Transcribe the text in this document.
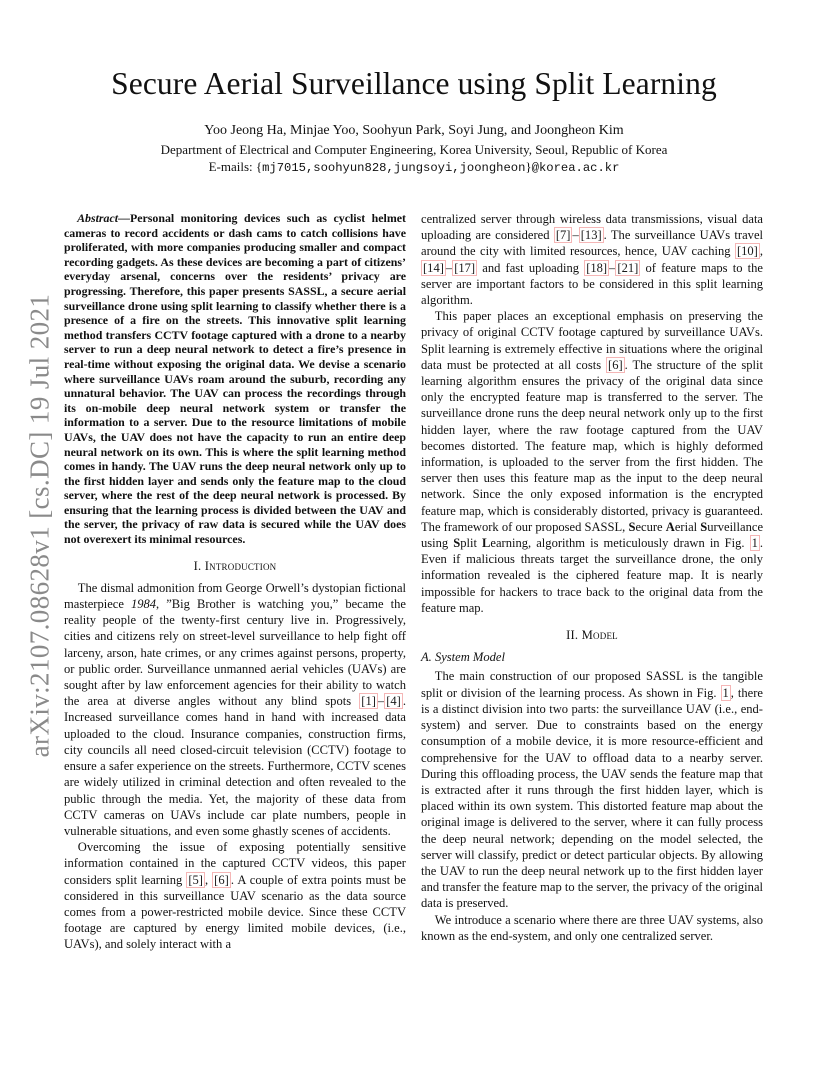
arXiv:2107.08628v1 [cs.DC] 19 Jul 2021
Secure Aerial Surveillance using Split Learning
Yoo Jeong Ha, Minjae Yoo, Soohyun Park, Soyi Jung, and Joongheon Kim
Department of Electrical and Computer Engineering, Korea University, Seoul, Republic of Korea
E-mails: {mj7015,soohyun828,jungsoyi,joongheon}@korea.ac.kr

Abstract—Personal monitoring devices such as cyclist helmet cameras to record accidents or dash cams to catch collisions have proliferated, with more companies producing smaller and compact recording gadgets. As these devices are becoming a part of citizens’ everyday arsenal, concerns over the residents’ privacy are progressing. Therefore, this paper presents SASSL, a secure aerial surveillance drone using split learning to classify whether there is a presence of a fire on the streets. This innovative split learning method transfers CCTV footage captured with a drone to a nearby server to run a deep neural network to detect a fire’s presence in real-time without exposing the original data. We devise a scenario where surveillance UAVs roam around the suburb, recording any unnatural behavior. The UAV can process the recordings through its on-mobile deep neural network system or transfer the information to a server. Due to the resource limitations of mobile UAVs, the UAV does not have the capacity to run an entire deep neural network on its own. This is where the split learning method comes in handy. The UAV runs the deep neural network only up to the first hidden layer and sends only the feature map to the cloud server, where the rest of the deep neural network is processed. By ensuring that the learning process is divided between the UAV and the server, the privacy of raw data is secured while the UAV does not overexert its minimal resources.

I. Introduction

The dismal admonition from George Orwell’s dystopian fictional masterpiece 1984, ”Big Brother is watching you,” became the reality people of the twenty-first century live in. Progressively, cities and citizens rely on street-level surveillance to help fight off larceny, arson, hate crimes, or any crimes against persons, property, or public order. Surveillance unmanned aerial vehicles (UAVs) are sought after by law enforcement agencies for their ability to watch the area at diverse angles without any blind spots [1] – [4] . Increased surveillance comes hand in hand with increased data uploaded to the cloud. Insurance companies, construction firms, city councils all need closed-circuit television (CCTV) footage to ensure a safer experience on the streets. Furthermore, CCTV scenes are widely utilized in criminal detection and often revealed to the public through the media. Yet, the majority of these data from CCTV cameras on UAVs include car plate numbers, people in vulnerable situations, and even some ghastly scenes of accidents.

Overcoming the issue of exposing potentially sensitive information contained in the captured CCTV videos, this paper considers split learning [5] , [6] . A couple of extra points must be considered in this surveillance UAV scenario as the data source comes from a power-restricted mobile device. Since these CCTV footage are captured by energy limited mobile devices, (i.e., UAVs), and solely interact with a

centralized server through wireless data transmissions, visual data uploading are considered [7] – [13] . The surveillance UAVs travel around the city with limited resources, hence, UAV caching [10] , [14] – [17] and fast uploading [18] – [21] of feature maps to the server are important factors to be considered in this split learning algorithm.

This paper places an exceptional emphasis on preserving the privacy of original CCTV footage captured by surveillance UAVs. Split learning is extremely effective in situations where the original data must be protected at all costs [6] . The structure of the split learning algorithm ensures the privacy of the original data since only the encrypted feature map is transferred to the server. The surveillance drone runs the deep neural network only up to the first hidden layer, where the raw footage captured from the UAV becomes distorted. The feature map, which is highly deformed information, is uploaded to the server from the first hidden. The server then uses this feature map as the input to the deep neural network. Since the only exposed information is the encrypted feature map, which is considerably distorted, privacy is guaranteed. The framework of our proposed SASSL, Secure Aerial Surveillance using Split Learning, algorithm is meticulously drawn in Fig. 1 . Even if malicious threats target the surveillance drone, the only information revealed is the ciphered feature map. It is nearly impossible for hackers to trace back to the original data from the feature map.

II. Model
A. System Model

The main construction of our proposed SASSL is the tangible split or division of the learning process. As shown in Fig. 1 , there is a distinct division into two parts: the surveillance UAV (i.e., end-system) and server. Due to constraints based on the energy consumption of a mobile device, it is more resource-efficient and comprehensive for the UAV to offload data to a nearby server. During this offloading process, the UAV sends the feature map that is extracted after it runs through the first hidden layer, which is placed within its own system. This distorted feature map about the original image is delivered to the server, where it can fully process the deep neural network; depending on the model selected, the server will classify, predict or detect particular objects. By allowing the UAV to run the deep neural network up to the first hidden layer and transfer the feature map to the server, the privacy of the original data is preserved.

We introduce a scenario where there are three UAV systems, also known as the end-system, and only one centralized server.
